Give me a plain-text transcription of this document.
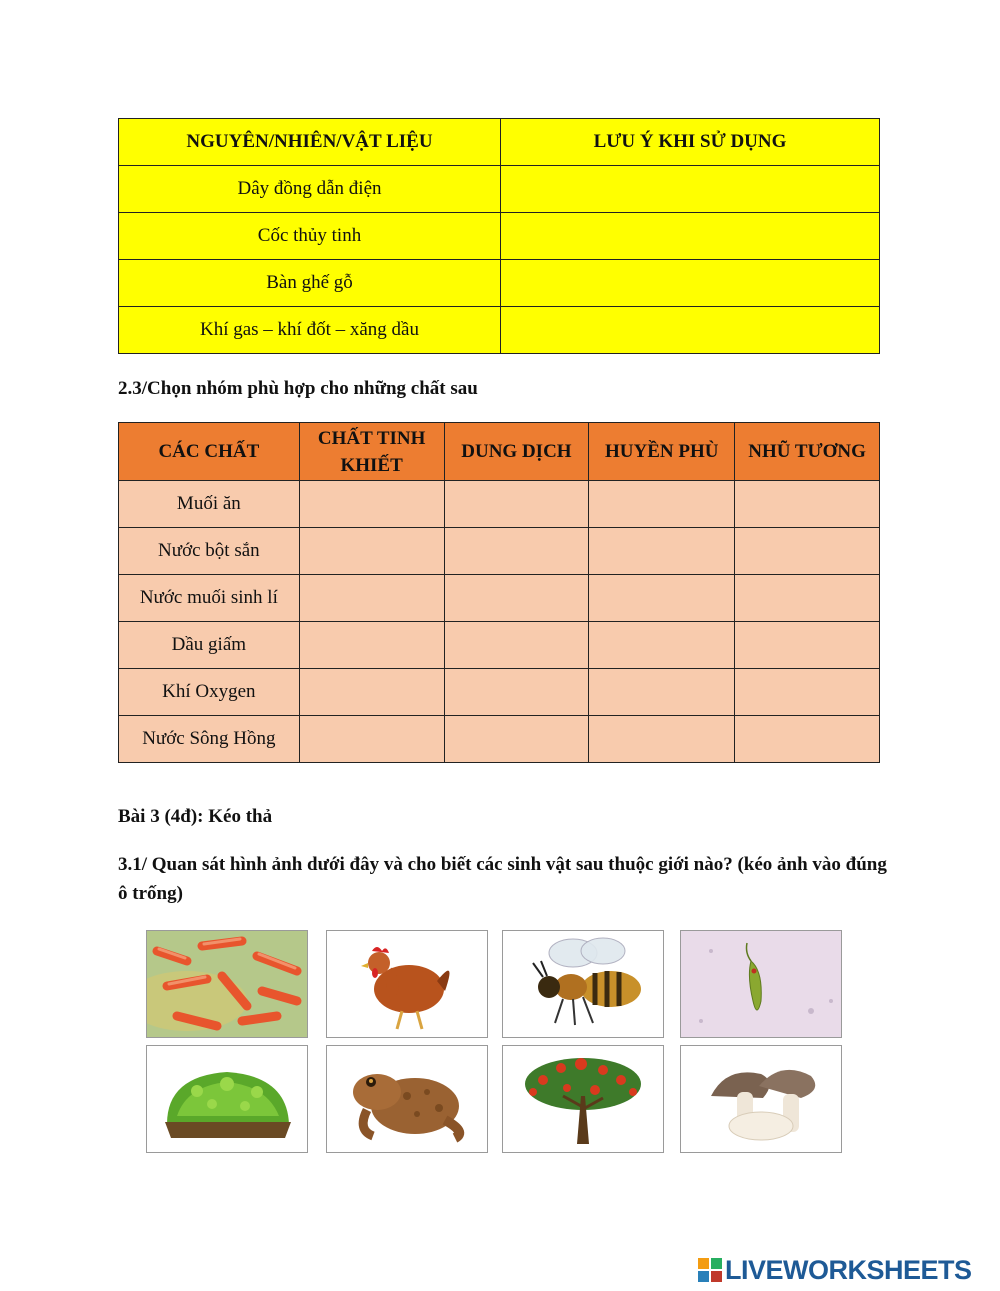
NGUYÊN/NHIÊN/VẬT LIỆU	LƯU Ý KHI SỬ DỤNG
Dây đồng dẫn điện	
Cốc thủy tinh	
Bàn ghế gỗ	
Khí gas – khí đốt – xăng dầu	
2.3/Chọn nhóm phù hợp cho những chất sau
CÁC CHẤT	CHẤT TINH KHIẾT	DUNG DỊCH	HUYỀN PHÙ	NHŨ TƯƠNG
Muối ăn				
Nước bột sắn				
Nước muối sinh lí				
Dầu giấm				
Khí Oxygen				
Nước Sông Hồng				
Bài 3 (4đ): Kéo thả
3.1/ Quan sát hình ảnh dưới đây và cho biết các sinh vật sau thuộc giới nào? (kéo ảnh vào đúng ô trống)
LIVEWORKSHEETS
